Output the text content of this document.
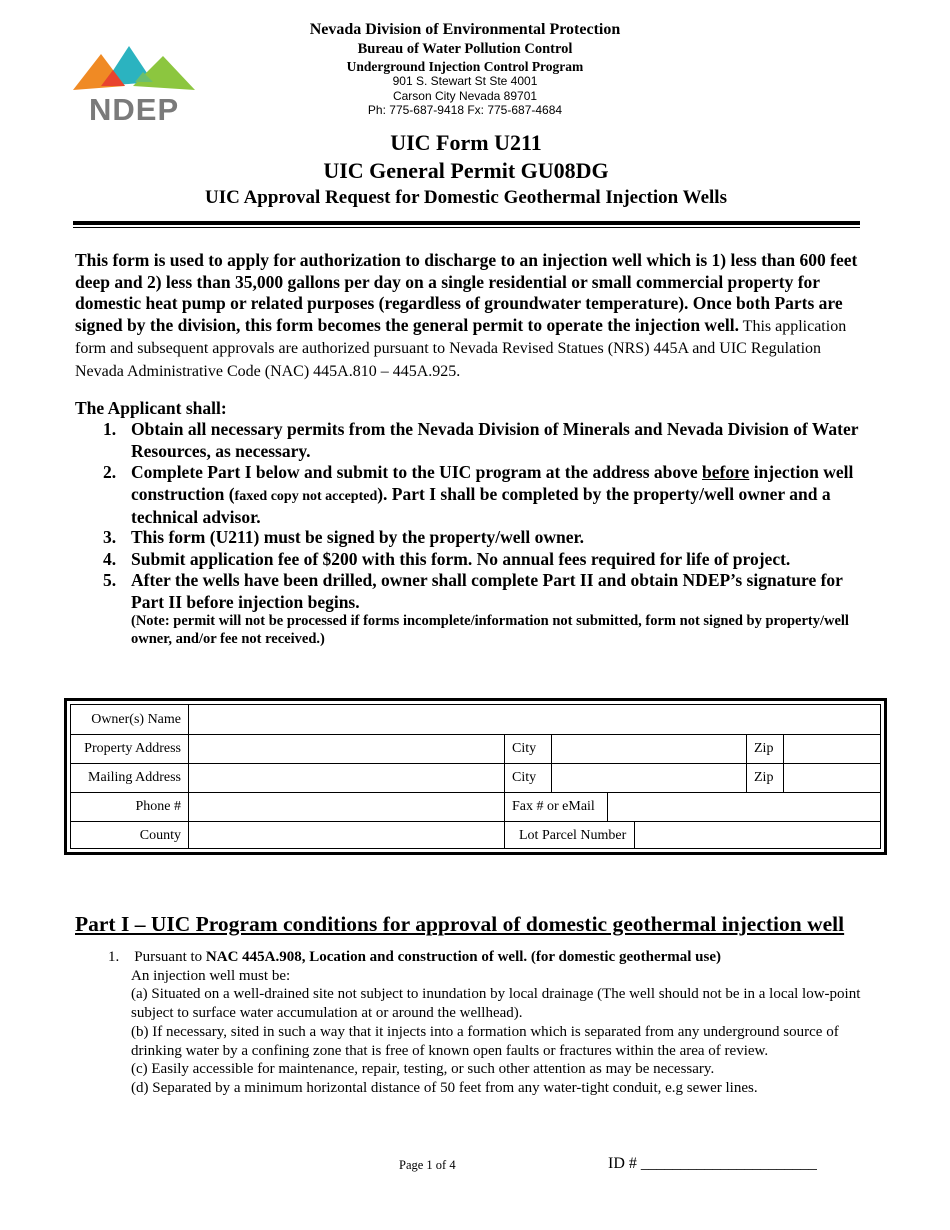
NDEP
Nevada Division of Environmental Protection
Bureau of Water Pollution Control
Underground Injection Control Program
901 S. Stewart St Ste 4001
Carson City Nevada 89701
Ph: 775-687-9418 Fx: 775-687-4684
UIC Form U211
UIC General Permit GU08DG
UIC Approval Request for Domestic Geothermal Injection Wells
This form is used to apply for authorization to discharge to an injection well which is 1) less than 600 feet deep and 2) less than 35,000 gallons per day on a single residential or small commercial property for domestic heat pump or related purposes (regardless of groundwater temperature). Once both Parts are signed by the division, this form becomes the general permit to operate the injection well. This application form and subsequent approvals are authorized pursuant to Nevada Revised Statues (NRS) 445A and UIC Regulation Nevada Administrative Code (NAC) 445A.810 – 445A.925.
The Applicant shall:
1. Obtain all necessary permits from the Nevada Division of Minerals and Nevada Division of Water Resources, as necessary.
2. Complete Part I below and submit to the UIC program at the address above before injection well construction (faxed copy not accepted). Part I shall be completed by the property/well owner and a technical advisor.
3. This form (U211) must be signed by the property/well owner.
4. Submit application fee of $200 with this form. No annual fees required for life of project.
5. After the wells have been drilled, owner shall complete Part II and obtain NDEP’s signature for Part II before injection begins.
(Note: permit will not be processed if forms incomplete/information not submitted, form not signed by property/well owner, and/or fee not received.)
Owner(s) Name
Property Address	City	Zip
Mailing Address	City	Zip
Phone #	Fax # or eMail
County	Lot Parcel Number
Part I – UIC Program conditions for approval of domestic geothermal injection well
1. Pursuant to NAC 445A.908, Location and construction of well. (for domestic geothermal use)
An injection well must be:
(a) Situated on a well-drained site not subject to inundation by local drainage (The well should not be in a local low-point subject to surface water accumulation at or around the wellhead).
(b) If necessary, sited in such a way that it injects into a formation which is separated from any underground source of drinking water by a confining zone that is free of known open faults or fractures within the area of review.
(c) Easily accessible for maintenance, repair, testing, or such other attention as may be necessary.
(d) Separated by a minimum horizontal distance of 50 feet from any water-tight conduit, e.g sewer lines.
Page 1 of 4	ID # ______________________
